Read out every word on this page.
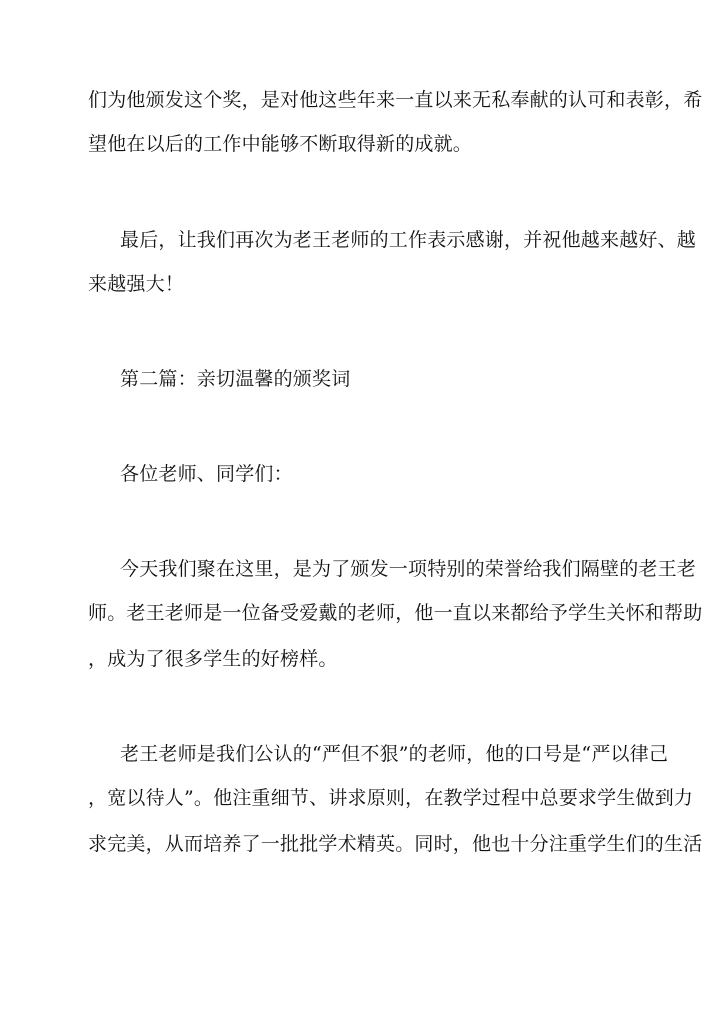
们为他颁发这个奖，是对他这些年来一直以来无私奉献的认可和表彰，希
望他在以后的工作中能够不断取得新的成就。
最后，让我们再次为老王老师的工作表示感谢，并祝他越来越好、越
来越强大！
第二篇：亲切温馨的颁奖词
各位老师、同学们：
今天我们聚在这里，是为了颁发一项特别的荣誉给我们隔壁的老王老
师。老王老师是一位备受爱戴的老师，他一直以来都给予学生关怀和帮助
，成为了很多学生的好榜样。
老王老师是我们公认的“严但不狠”的老师，他的口号是“严以律己
，宽以待人”。他注重细节、讲求原则，在教学过程中总要求学生做到力
求完美，从而培养了一批批学术精英。同时，他也十分注重学生们的生活
